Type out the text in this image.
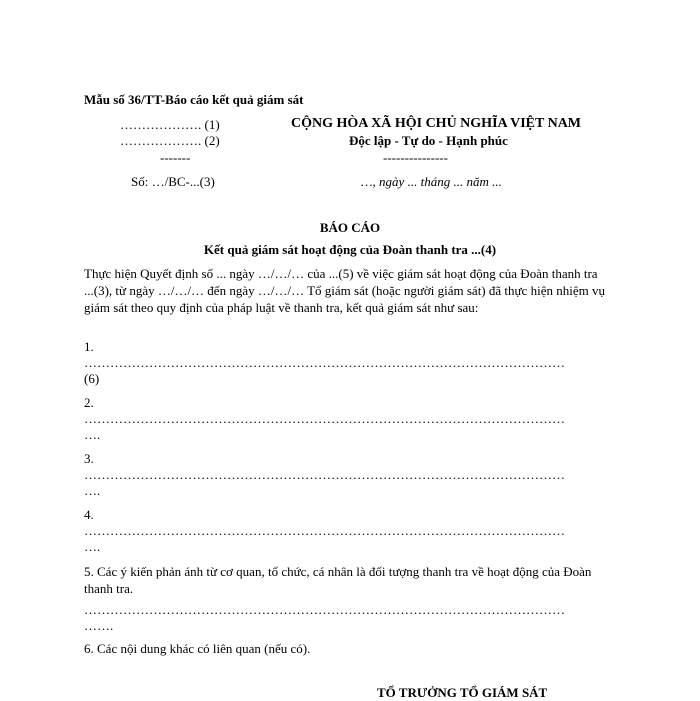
Mẫu số 36/TT-Báo cáo kết quả giám sát
………………. (1)
………………. (2)
-------
Số: …/BC-...(3)
CỘNG HÒA XÃ HỘI CHỦ NGHĨA VIỆT NAM
Độc lập - Tự do - Hạnh phúc
---------------
…, ngày ... tháng ... năm ...
BÁO CÁO
Kết quả giám sát hoạt động của Đoàn thanh tra ...(4)
Thực hiện Quyết định số ... ngày …/…/… của ...(5) về việc giám sát hoạt động của Đoàn thanh tra ...(3), từ ngày …/…/… đến ngày …/…/… Tổ giám sát (hoặc người giám sát) đã thực hiện nhiệm vụ giám sát theo quy định của pháp luật về thanh tra, kết quả giám sát như sau:
1.
…………………………………………………………………………………………………
(6)
2.
…………………………………………………………………………………………………
….
3.
…………………………………………………………………………………………………
….
4.
…………………………………………………………………………………………………
….
5. Các ý kiến phản ánh từ cơ quan, tổ chức, cá nhân là đối tượng thanh tra về hoạt động của Đoàn thanh tra.
…………………………………………………………………………………………………
…….
6. Các nội dung khác có liên quan (nếu có).
TỔ TRƯỞNG TỔ GIÁM SÁT
